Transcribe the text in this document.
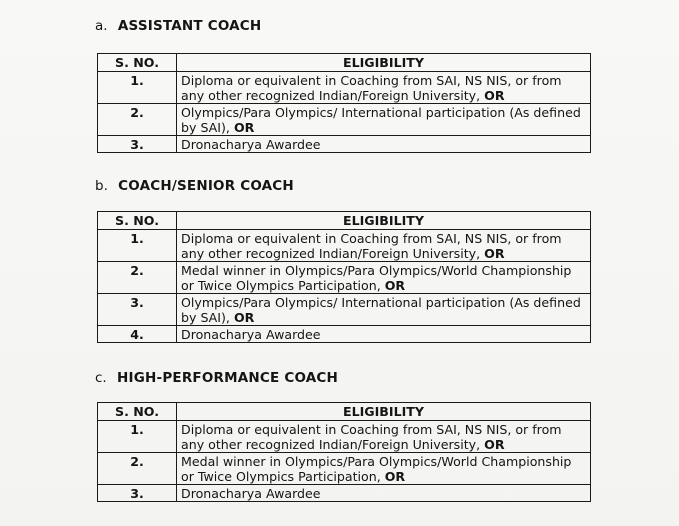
a. ASSISTANT COACH
S. NO.	ELIGIBILITY
1.	Diploma or equivalent in Coaching from SAI, NS NIS, or from any other recognized Indian/Foreign University, OR
2.	Olympics/Para Olympics/ International participation (As defined by SAI), OR
3.	Dronacharya Awardee
b. COACH/SENIOR COACH
S. NO.	ELIGIBILITY
1.	Diploma or equivalent in Coaching from SAI, NS NIS, or from any other recognized Indian/Foreign University, OR
2.	Medal winner in Olympics/Para Olympics/World Championship or Twice Olympics Participation, OR
3.	Olympics/Para Olympics/ International participation (As defined by SAI), OR
4.	Dronacharya Awardee
c. HIGH-PERFORMANCE COACH
S. NO.	ELIGIBILITY
1.	Diploma or equivalent in Coaching from SAI, NS NIS, or from any other recognized Indian/Foreign University, OR
2.	Medal winner in Olympics/Para Olympics/World Championship or Twice Olympics Participation, OR
3.	Dronacharya Awardee
